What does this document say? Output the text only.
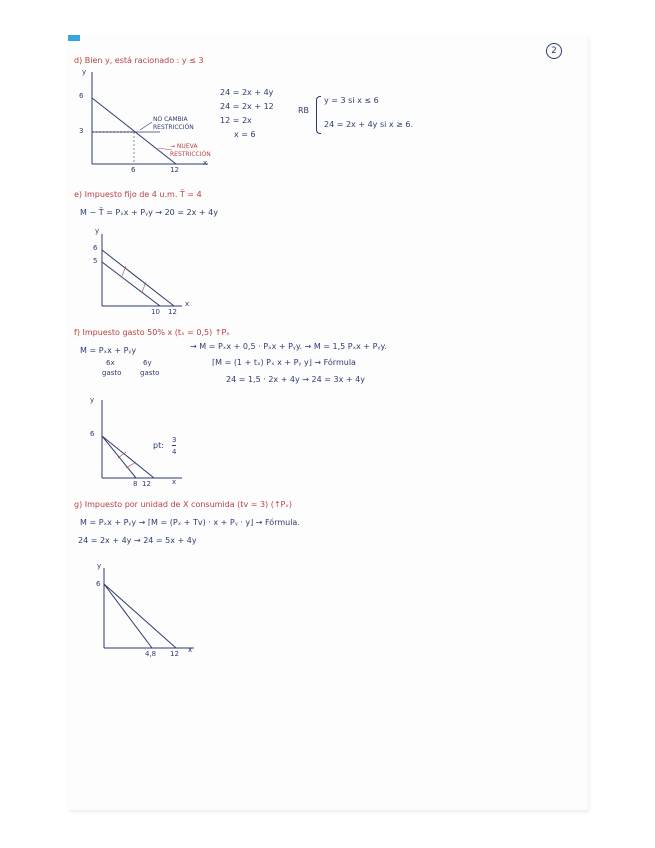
2
d) Bien y, está racionado : y ≤ 3
y
6
3
6	12
x
NO CAMBIA
RESTRICCIÓN
→ NUEVA
RESTRICCIÓN
24 = 2x + 4y
24 = 2x + 12
12 = 2x
x = 6
RB
y = 3 si x ≤ 6
24 = 2x + 4y si x ≥ 6.
e) Impuesto fijo de 4 u.m. T̄ = 4
M − T̄ = Pₓx + Pᵧy → 20 = 2x + 4y
y
6
5
10 12
x
f) Impuesto gasto 50% x (tₓ = 0,5) ↑Pₓ
M = Pₓx + Pᵧy
6x	6y
gasto	gasto
→ M = Pₓx + 0,5 · Pₓx + Pᵧy. → M = 1,5 Pₓx + Pᵧy.
⌈M = (1 + tₓ) Pₓ x + Pᵧ y⌋ → Fórmula
24 = 1,5 · 2x + 4y → 24 = 3x + 4y
y
6
8 12	x
pt:
3
4
g) Impuesto por unidad de X consumida (tv = 3) (↑Pₓ)
M = Pₓx + Pᵧy → ⌈M = (Pₓ + Tv) · x + Pᵧ · y⌋ → Fórmula.
24 = 2x + 4y → 24 = 5x + 4y
y
6
4,8 12 x
